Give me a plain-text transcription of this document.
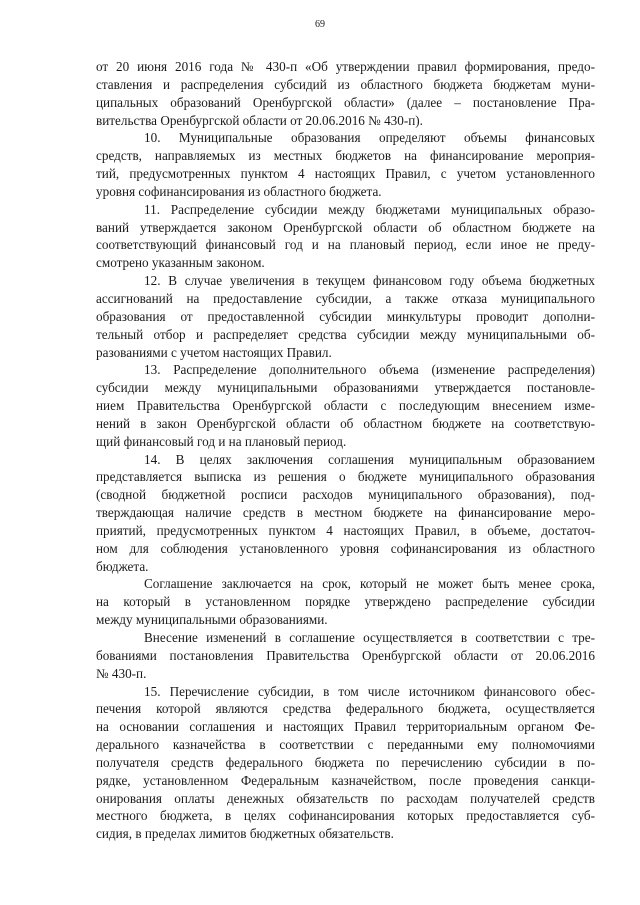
69
от 20 июня 2016 года № 430-п «Об утверждении правил формирования, предо-
ставления и распределения субсидий из областного бюджета бюджетам муни-
ципальных образований Оренбургской области» (далее – постановление Пра-
вительства Оренбургской области от 20.06.2016 № 430-п).
10. Муниципальные образования определяют объемы финансовых
средств, направляемых из местных бюджетов на финансирование мероприя-
тий, предусмотренных пунктом 4 настоящих Правил, с учетом установленного
уровня софинансирования из областного бюджета.
11. Распределение субсидии между бюджетами муниципальных образо-
ваний утверждается законом Оренбургской области об областном бюджете на
соответствующий финансовый год и на плановый период, если иное не преду-
смотрено указанным законом.
12. В случае увеличения в текущем финансовом году объема бюджетных
ассигнований на предоставление субсидии, а также отказа муниципального
образования от предоставленной субсидии минкультуры проводит дополни-
тельный отбор и распределяет средства субсидии между муниципальными об-
разованиями с учетом настоящих Правил.
13. Распределение дополнительного объема (изменение распределения)
субсидии между муниципальными образованиями утверждается постановле-
нием Правительства Оренбургской области с последующим внесением изме-
нений в закон Оренбургской области об областном бюджете на соответствую-
щий финансовый год и на плановый период.
14. В целях заключения соглашения муниципальным образованием
представляется выписка из решения о бюджете муниципального образования
(сводной бюджетной росписи расходов муниципального образования), под-
тверждающая наличие средств в местном бюджете на финансирование меро-
приятий, предусмотренных пунктом 4 настоящих Правил, в объеме, достаточ-
ном для соблюдения установленного уровня софинансирования из областного
бюджета.
Соглашение заключается на срок, который не может быть менее срока,
на который в установленном порядке утверждено распределение субсидии
между муниципальными образованиями.
Внесение изменений в соглашение осуществляется в соответствии с тре-
бованиями постановления Правительства Оренбургской области от 20.06.2016
№ 430-п.
15. Перечисление субсидии, в том числе источником финансового обес-
печения которой являются средства федерального бюджета, осуществляется
на основании соглашения и настоящих Правил территориальным органом Фе-
дерального казначейства в соответствии с переданными ему полномочиями
получателя средств федерального бюджета по перечислению субсидии в по-
рядке, установленном Федеральным казначейством, после проведения санкци-
онирования оплаты денежных обязательств по расходам получателей средств
местного бюджета, в целях софинансирования которых предоставляется суб-
сидия, в пределах лимитов бюджетных обязательств.
